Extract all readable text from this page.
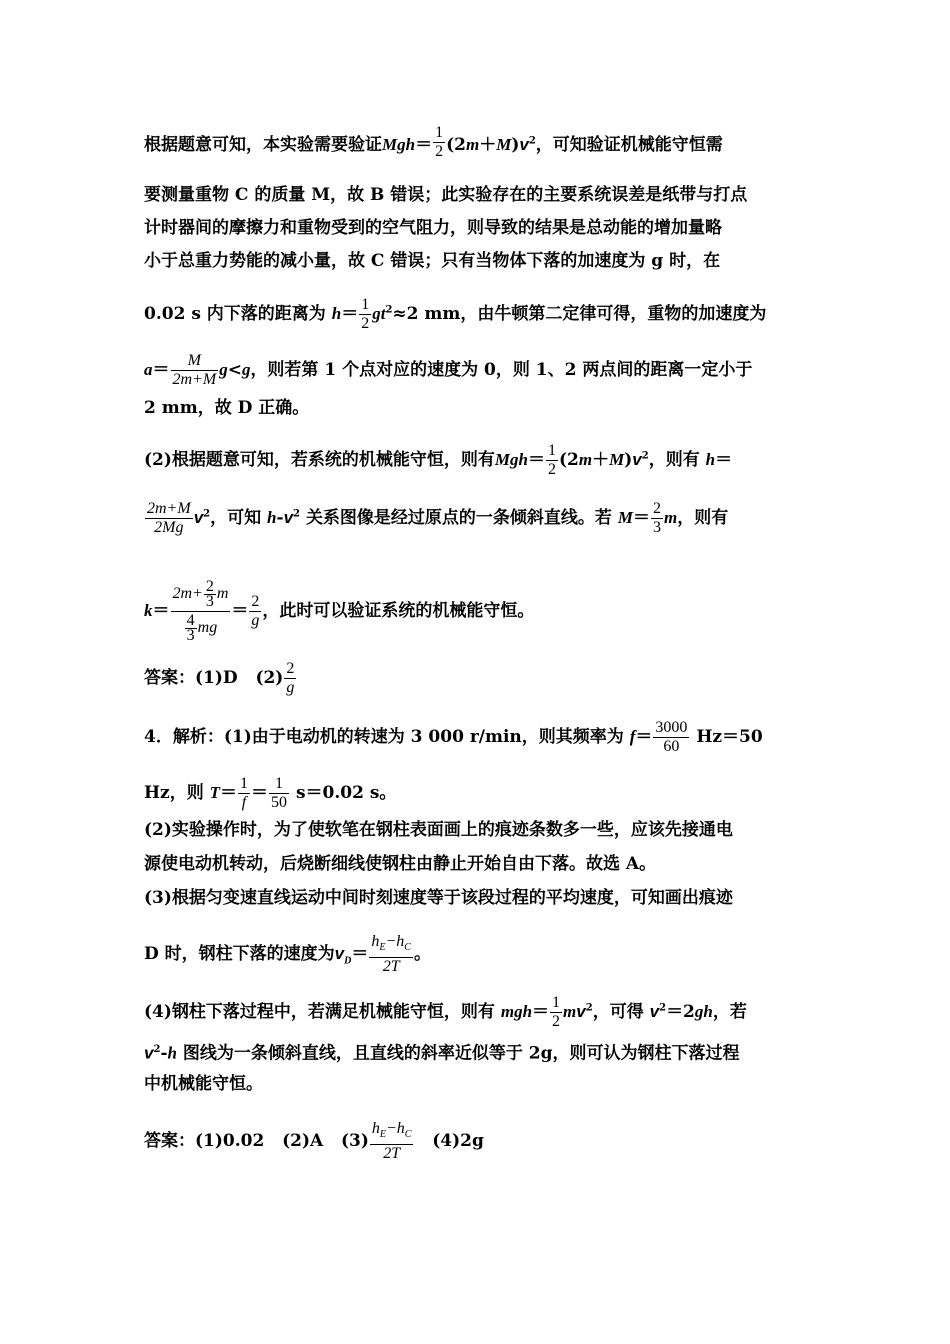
根据题意可知，本实验需要验证$Mgh= \frac{1}{2} (2m+M)v^2$，可知验证机械能守恒需
要测量重物 C 的质量 M，故 B 错误；此实验存在的主要系统误差是纸带与打点
计时器间的摩擦力和重物受到的空气阻力，则导致的结果是总动能的增加量略
小于总重力势能的减小量，故 C 错误；只有当物体下落的加速度为 g 时，在
0.02 s 内下落的距离为 $h= \frac{1}{2} gt^2\approx 2$ mm，由牛顿第二定律可得，重物的加速度为
$a= \frac{M}{2m+M} g<g$，则若第 1 个点对应的速度为 0，则 1、2 两点间的距离一定小于
2 mm，故 D 正确。
(2)根据题意可知，若系统的机械能守恒，则有$Mgh= \frac{1}{2} (2m+M)v^2$，则有 h＝
$\frac{2m+M}{2Mg} v^2$，可知 $h-v^2$ 关系图像是经过原点的一条倾斜直线。若 $M= \frac{2}{3}$ m，则有
$k= \frac{2m+ \frac{2}{3} m}{\frac{4}{3} mg} = \frac{2}{g}$ ，此时可以验证系统的机械能守恒。
答案：(1)D $(2) \frac{2}{g}$
4．解析：(1)由于电动机的转速为 3 000 r/min，则其频率为 $f= \frac{3000}{60} Hz=50$
Hz，则 $T= \frac{1}{f} = \frac{1}{50} s=0.02$ s。
(2)实验操作时，为了使软笔在钢柱表面画上的痕迹条数多一些，应该先接通电
源使电动机转动，后烧断细线使钢柱由静止开始自由下落。故选 A。
(3)根据匀变速直线运动中间时刻速度等于该段过程的平均速度，可知画出痕迹
D 时，钢柱下落的速度为$v_D= \frac{h_E-h_C}{2T}$ 。
(4)钢柱下落过程中，若满足机械能守恒，则有 $mgh= \frac{1}{2} mv^2$，可得 $v^2=2gh$，若
$v^2-h$ 图线为一条倾斜直线，且直线的斜率近似等于 2g，则可认为钢柱下落过程
中机械能守恒。
答案：(1)0.02 (2)A $(3) \frac{h_E-h_C}{2T} (4)2g$
